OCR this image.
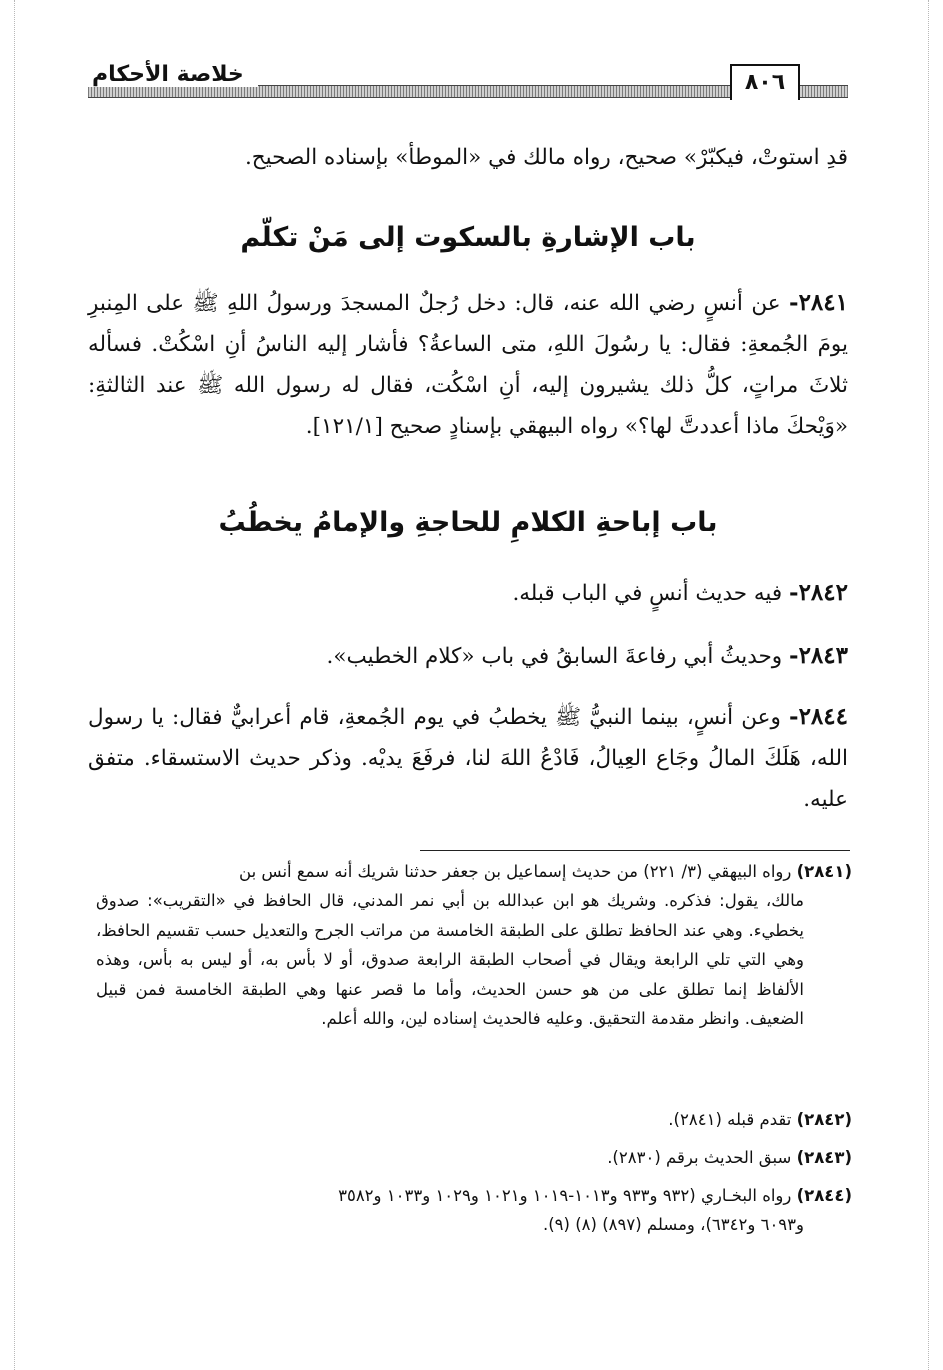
خلاصة الأحكام	٨٠٦
قدِ استوتْ، فيكبّرْ» صحيح، رواه مالك في «الموطأ» بإسناده الصحيح.
باب الإشارةِ بالسكوت إلى مَنْ تكلّم
٢٨٤١- عن أنسٍ رضي الله عنه، قال: دخل رُجلٌ المسجدَ ورسولُ اللهِ ﷺ على المِنبرِ يومَ الجُمعةِ: فقال: يا رسُولَ اللهِ، متى الساعةُ؟ فأشار إليه الناسُ أنِ اسْكُتْ. فسأله ثلاثَ مراتٍ، كلُّ ذلك يشيرون إليه، أنِ اسْكُت، فقال له رسول الله ﷺ عند الثالثةِ: «وَيْحكَ ماذا أعددتَّ لها؟» رواه البيهقي بإسنادٍ صحيح [١٢١/١].
باب إباحةِ الكلامِ للحاجةِ والإمامُ يخطُبُ
٢٨٤٢- فيه حديث أنسٍ في الباب قبله.
٢٨٤٣- وحديثُ أبي رفاعةَ السابقُ في باب «كلام الخطيب».
٢٨٤٤- وعن أنسٍ، بينما النبيُّ ﷺ يخطبُ في يوم الجُمعةِ، قام أعرابيٌّ فقال: يا رسول الله، هَلَكَ المالُ وجَاع العِيالُ، فَادْعُ اللهَ لنا، فرفَعَ يديْه. وذكر حديث الاستسقاء. متفق عليه.
(٢٨٤١) رواه البيهقي (٣/ ٢٢١) من حديث إسماعيل بن جعفر حدثنا شريك أنه سمع أنس بن
مالك، يقول: فذكره. وشريك هو ابن عبدالله بن أبي نمر المدني، قال الحافظ في «التقريب»: صدوق يخطيء. وهي عند الحافظ تطلق على الطبقة الخامسة من مراتب الجرح والتعديل حسب تقسيم الحافظ، وهي التي تلي الرابعة ويقال في أصحاب الطبقة الرابعة صدوق، أو لا بأس به، أو ليس به بأس، وهذه الألفاظ إنما تطلق على من هو حسن الحديث، وأما ما قصر عنها وهي الطبقة الخامسة فمن قبيل الضعيف. وانظر مقدمة التحقيق. وعليه فالحديث إسناده لين، والله أعلم.
(٢٨٤٢) تقدم قبله (٢٨٤١).
(٢٨٤٣) سبق الحديث برقم (٢٨٣٠).
(٢٨٤٤) رواه البخـاري (٩٣٢ و٩٣٣ و١٠١٣-١٠١٩ و١٠٢١ و١٠٢٩ و١٠٣٣ و٣٥٨٢
و٦٠٩٣ و٦٣٤٢)، ومسلم (٨٩٧) (٨) (٩).
